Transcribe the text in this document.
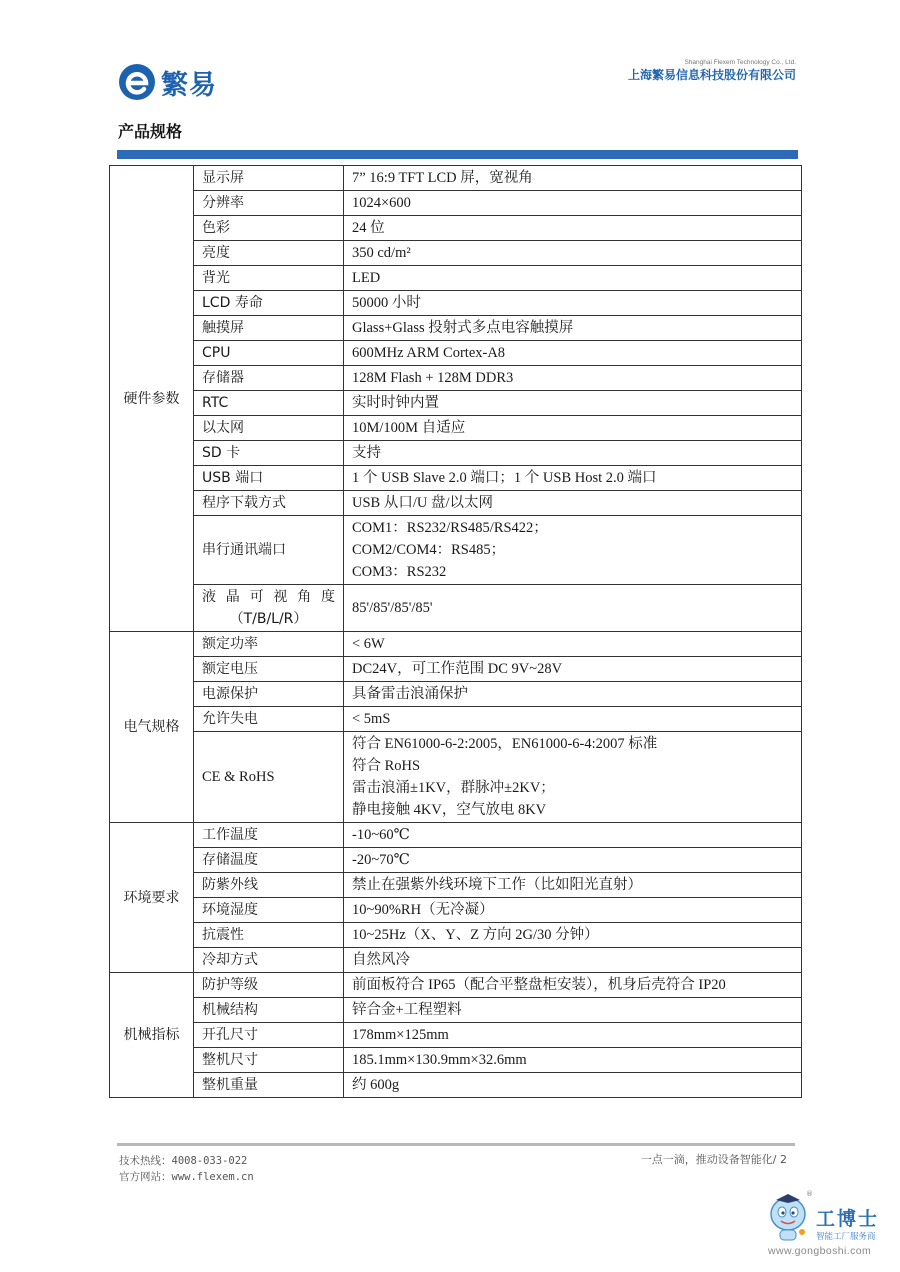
繁易
Shanghai Flexem Technology Co., Ltd.
上海繁易信息科技股份有限公司
产品规格
硬件参数	显示屏	7” 16:9 TFT LCD 屏，宽视角
	分辨率	1024×600
	色彩	24 位
	亮度	350 cd/m²
	背光	LED
	LCD 寿命	50000 小时
	触摸屏	Glass+Glass 投射式多点电容触摸屏
	CPU	600MHz ARM Cortex-A8
	存储器	128M Flash + 128M DDR3
	RTC	实时时钟内置
	以太网	10M/100M 自适应
	SD 卡	支持
	USB 端口	1 个 USB Slave 2.0 端口；1 个 USB Host 2.0 端口
	程序下载方式	USB 从口/U 盘/以太网
	串行通讯端口	COM1：RS232/RS485/RS422；
COM2/COM4：RS485；
COM3：RS232

	液晶可视角度
（T/B/L/R）	85'/85'/85'/85'
电气规格	额定功率	< 6W
	额定电压	DC24V，可工作范围 DC 9V~28V
	电源保护	具备雷击浪涌保护
	允许失电	< 5mS
	CE & RoHS	符合 EN61000-6-2:2005，EN61000-6-4:2007 标准
符合 RoHS
雷击浪涌±1KV，群脉冲±2KV；
静电接触 4KV，空气放电 8KV

环境要求	工作温度	-10~60℃
	存储温度	-20~70℃
	防紫外线	禁止在强紫外线环境下工作（比如阳光直射）
	环境湿度	10~90%RH（无冷凝）
	抗震性	10~25Hz（X、Y、Z 方向 2G/30 分钟）
	冷却方式	自然风冷
机械指标	防护等级	前面板符合 IP65（配合平整盘柜安装），机身后壳符合 IP20
	机械结构	锌合金+工程塑料
	开孔尺寸	178mm×125mm
	整机尺寸	185.1mm×130.9mm×32.6mm
	整机重量	约 600g
技术热线：4008-033-022
官方网站：www.flexem.cn
一点一滴，推动设备智能化/ 2
®
工博士
智能工厂服务商
www.gongboshi.com
